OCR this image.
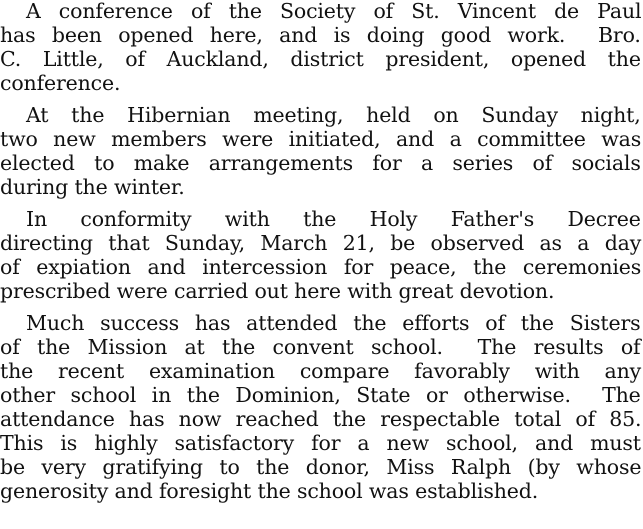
A conference of the Society of St. Vincent de Paul
has been opened here, and is doing good work.  Bro.
C. Little, of Auckland, district president, opened the
conference.
At the Hibernian meeting, held on Sunday night,
two new members were initiated, and a committee was
elected to make arrangements for a series of socials
during the winter.
In conformity with the Holy Father's Decree
directing that Sunday, March 21, be observed as a day
of expiation and intercession for peace, the ceremonies
prescribed were carried out here with great devotion.
Much success has attended the efforts of the Sisters
of the Mission at the convent school.  The results of
the recent examination compare favorably with any
other school in the Dominion, State or otherwise.  The
attendance has now reached the respectable total of 85.
This is highly satisfactory for a new school, and must
be very gratifying to the donor, Miss Ralph (by whose
generosity and foresight the school was established.
